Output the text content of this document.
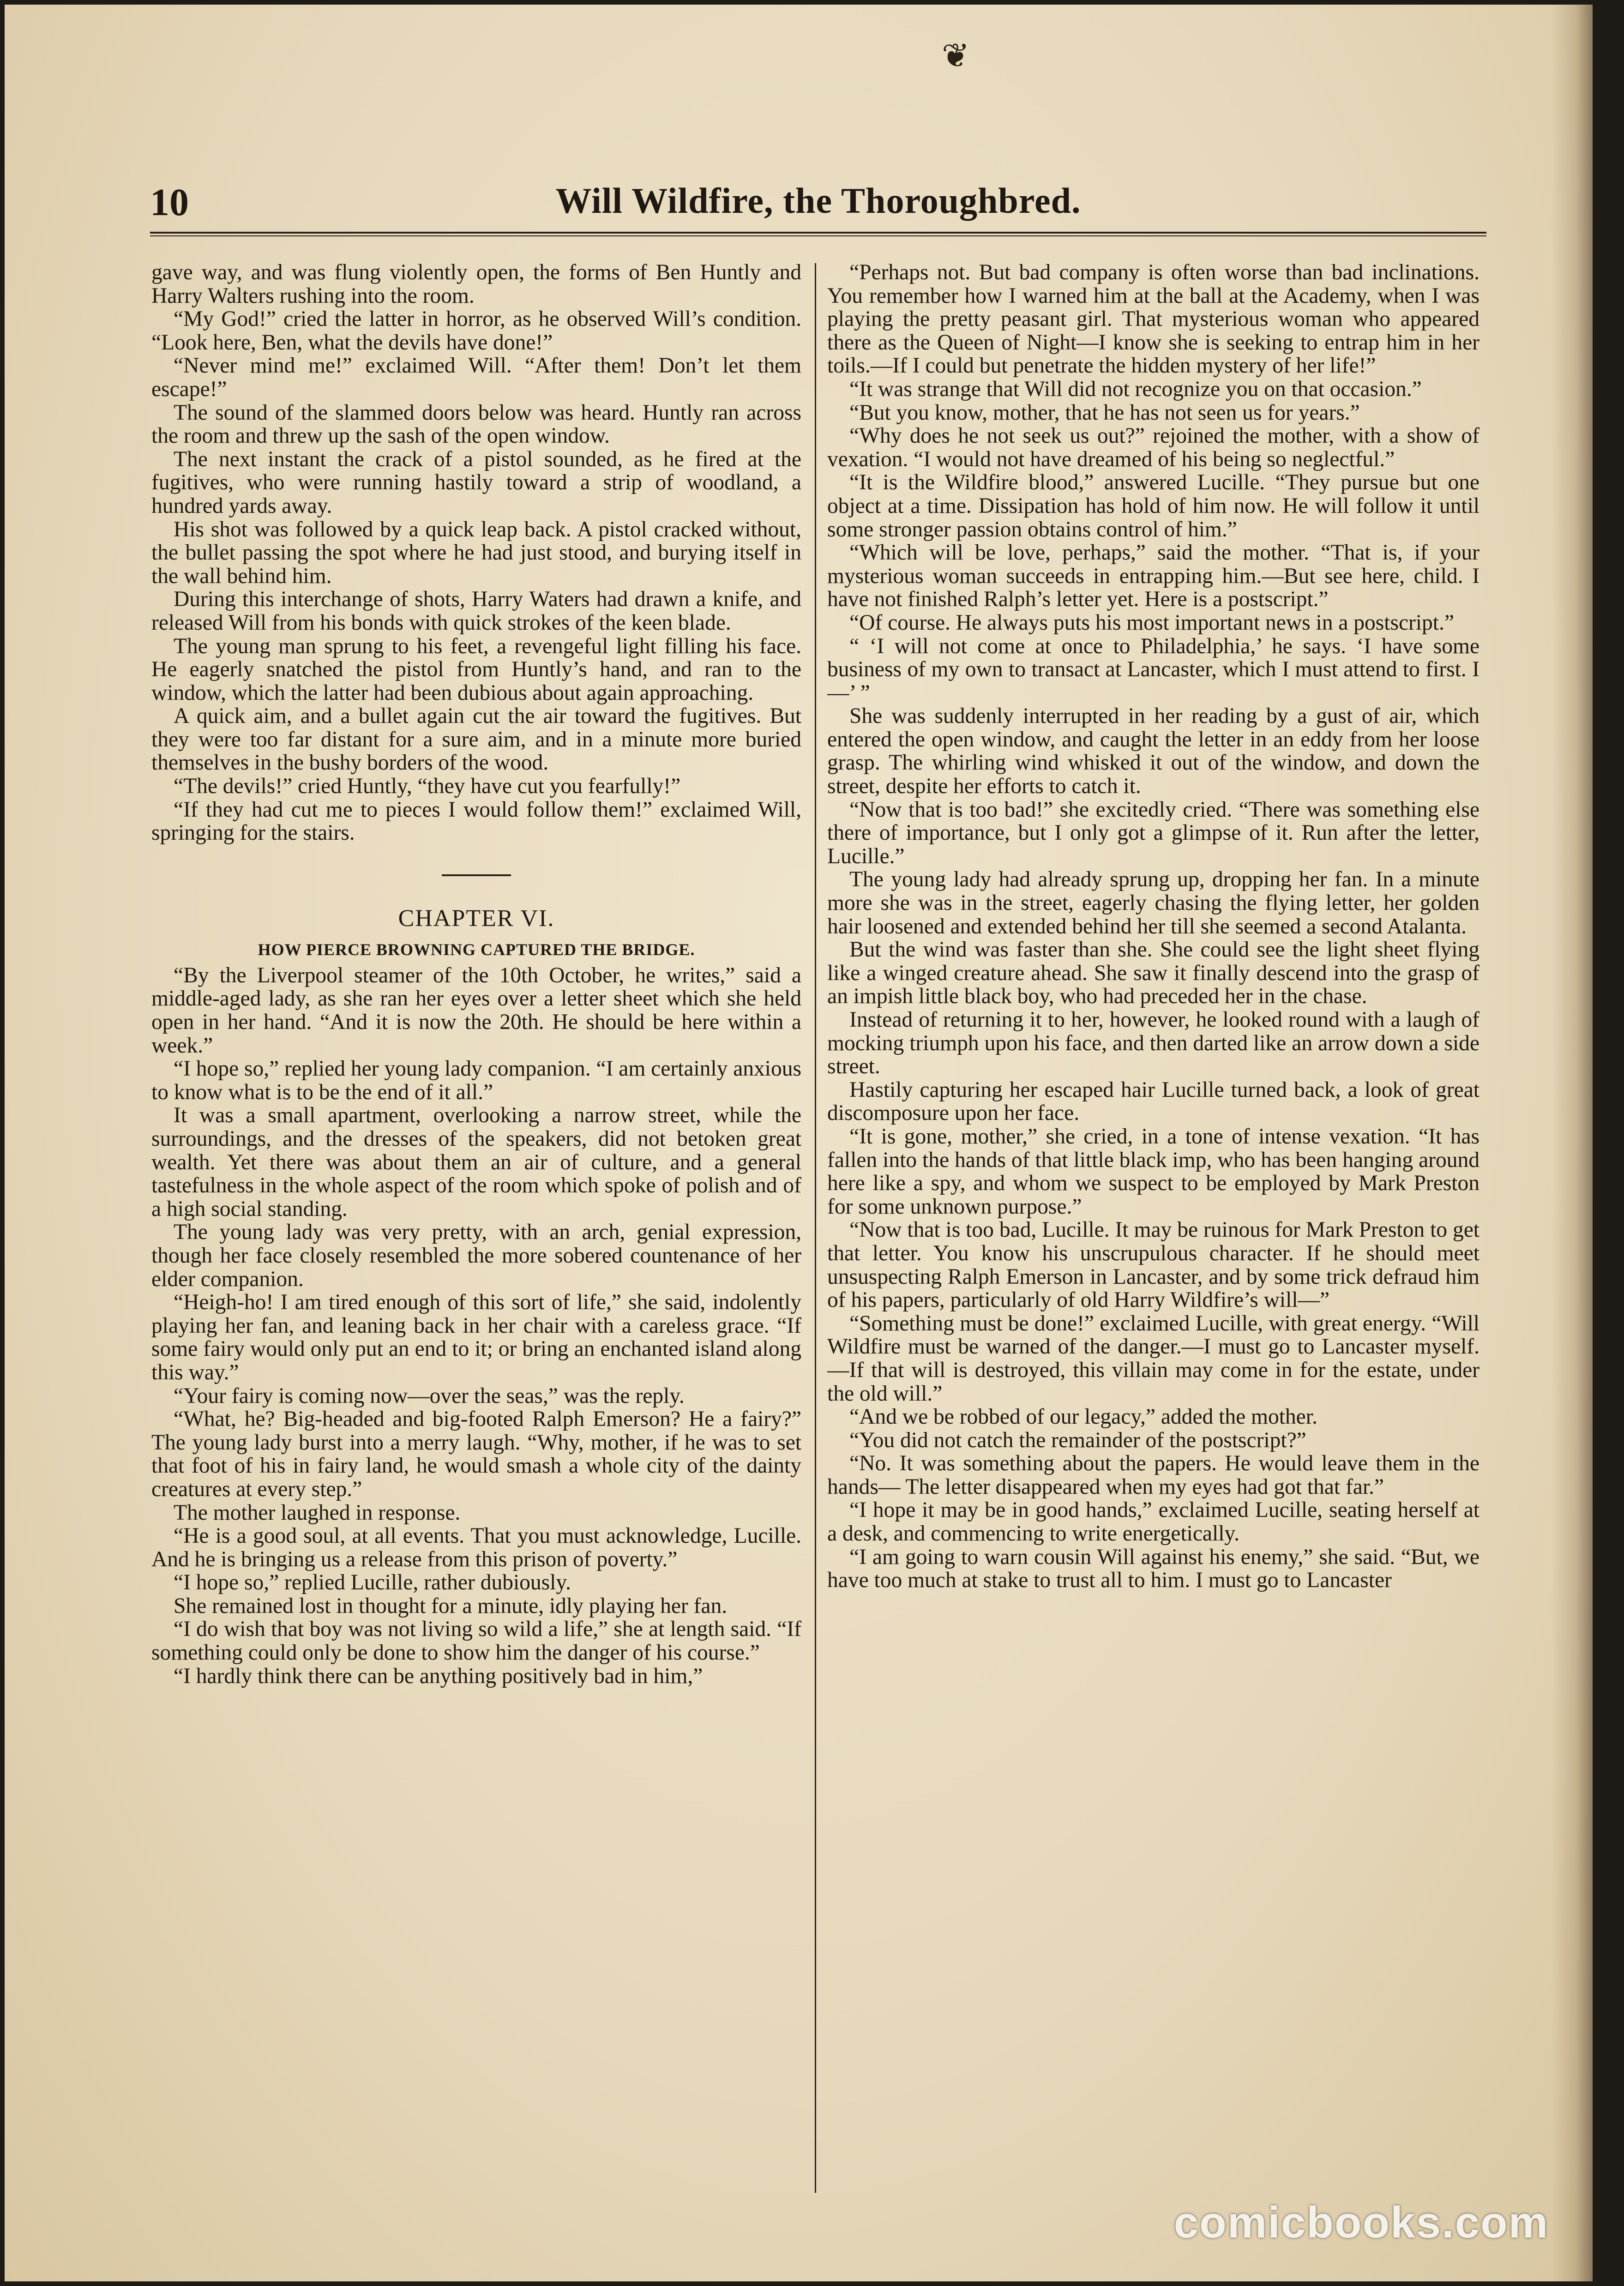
❦
10	Will Wildfire, the Thoroughbred.

gave way, and was flung violently open, the forms of Ben Huntly and Harry Walters rushing into the room.

“My God!” cried the latter in horror, as he observed Will’s condition. “Look here, Ben, what the devils have done!”

“Never mind me!” exclaimed Will. “After them! Don’t let them escape!”

The sound of the slammed doors below was heard. Huntly ran across the room and threw up the sash of the open window.

The next instant the crack of a pistol sounded, as he fired at the fugitives, who were running hastily toward a strip of woodland, a hundred yards away.

His shot was followed by a quick leap back. A pistol cracked without, the bullet passing the spot where he had just stood, and burying itself in the wall behind him.

During this interchange of shots, Harry Waters had drawn a knife, and released Will from his bonds with quick strokes of the keen blade.

The young man sprung to his feet, a revengeful light filling his face. He eagerly snatched the pistol from Huntly’s hand, and ran to the window, which the latter had been dubious about again approaching.

A quick aim, and a bullet again cut the air toward the fugitives. But they were too far distant for a sure aim, and in a minute more buried themselves in the bushy borders of the wood.

“The devils!” cried Huntly, “they have cut you fearfully!”

“If they had cut me to pieces I would follow them!” exclaimed Will, springing for the stairs.

CHAPTER VI.
HOW PIERCE BROWNING CAPTURED THE BRIDGE.

“By the Liverpool steamer of the 10th October, he writes,” said a middle-aged lady, as she ran her eyes over a letter sheet which she held open in her hand. “And it is now the 20th. He should be here within a week.”

“I hope so,” replied her young lady companion. “I am certainly anxious to know what is to be the end of it all.”

It was a small apartment, overlooking a narrow street, while the surroundings, and the dresses of the speakers, did not betoken great wealth. Yet there was about them an air of culture, and a general tastefulness in the whole aspect of the room which spoke of polish and of a high social standing.

The young lady was very pretty, with an arch, genial expression, though her face closely resembled the more sobered countenance of her elder companion.

“Heigh-ho! I am tired enough of this sort of life,” she said, indolently playing her fan, and leaning back in her chair with a careless grace. “If some fairy would only put an end to it; or bring an enchanted island along this way.”

“Your fairy is coming now—over the seas,” was the reply.

“What, he? Big-headed and big-footed Ralph Emerson? He a fairy?” The young lady burst into a merry laugh. “Why, mother, if he was to set that foot of his in fairy land, he would smash a whole city of the dainty creatures at every step.”

The mother laughed in response.

“He is a good soul, at all events. That you must acknowledge, Lucille. And he is bringing us a release from this prison of poverty.”

“I hope so,” replied Lucille, rather dubiously.

She remained lost in thought for a minute, idly playing her fan.

“I do wish that boy was not living so wild a life,” she at length said. “If something could only be done to show him the danger of his course.”

“I hardly think there can be anything positively bad in him,”

“Perhaps not. But bad company is often worse than bad inclinations. You remember how I warned him at the ball at the Academy, when I was playing the pretty peasant girl. That mysterious woman who appeared there as the Queen of Night—I know she is seeking to entrap him in her toils.—If I could but penetrate the hidden mystery of her life!”

“It was strange that Will did not recognize you on that occasion.”

“But you know, mother, that he has not seen us for years.”

“Why does he not seek us out?” rejoined the mother, with a show of vexation. “I would not have dreamed of his being so neglectful.”

“It is the Wildfire blood,” answered Lucille. “They pursue but one object at a time. Dissipation has hold of him now. He will follow it until some stronger passion obtains control of him.”

“Which will be love, perhaps,” said the mother. “That is, if your mysterious woman succeeds in entrapping him.—But see here, child. I have not finished Ralph’s letter yet. Here is a postscript.”

“Of course. He always puts his most important news in a postscript.”

“ ‘I will not come at once to Philadelphia,’ he says. ‘I have some business of my own to transact at Lancaster, which I must attend to first. I—’ ”

She was suddenly interrupted in her reading by a gust of air, which entered the open window, and caught the letter in an eddy from her loose grasp. The whirling wind whisked it out of the window, and down the street, despite her efforts to catch it.

“Now that is too bad!” she excitedly cried. “There was something else there of importance, but I only got a glimpse of it. Run after the letter, Lucille.”

The young lady had already sprung up, dropping her fan. In a minute more she was in the street, eagerly chasing the flying letter, her golden hair loosened and extended behind her till she seemed a second Atalanta.

But the wind was faster than she. She could see the light sheet flying like a winged creature ahead. She saw it finally descend into the grasp of an impish little black boy, who had preceded her in the chase.

Instead of returning it to her, however, he looked round with a laugh of mocking triumph upon his face, and then darted like an arrow down a side street.

Hastily capturing her escaped hair Lucille turned back, a look of great discomposure upon her face.

“It is gone, mother,” she cried, in a tone of intense vexation. “It has fallen into the hands of that little black imp, who has been hanging around here like a spy, and whom we suspect to be employed by Mark Preston for some unknown purpose.”

“Now that is too bad, Lucille. It may be ruinous for Mark Preston to get that letter. You know his unscrupulous character. If he should meet unsuspecting Ralph Emerson in Lancaster, and by some trick defraud him of his papers, particularly of old Harry Wildfire’s will—”

“Something must be done!” exclaimed Lucille, with great energy. “Will Wildfire must be warned of the danger.—I must go to Lancaster myself.—If that will is destroyed, this villain may come in for the estate, under the old will.”

“And we be robbed of our legacy,” added the mother.

“You did not catch the remainder of the postscript?”

“No. It was something about the papers. He would leave them in the hands— The letter disappeared when my eyes had got that far.”

“I hope it may be in good hands,” exclaimed Lucille, seating herself at a desk, and commencing to write energetically.

“I am going to warn cousin Will against his enemy,” she said. “But, we have too much at stake to trust all to him. I must go to Lancaster

comicbooks.com
